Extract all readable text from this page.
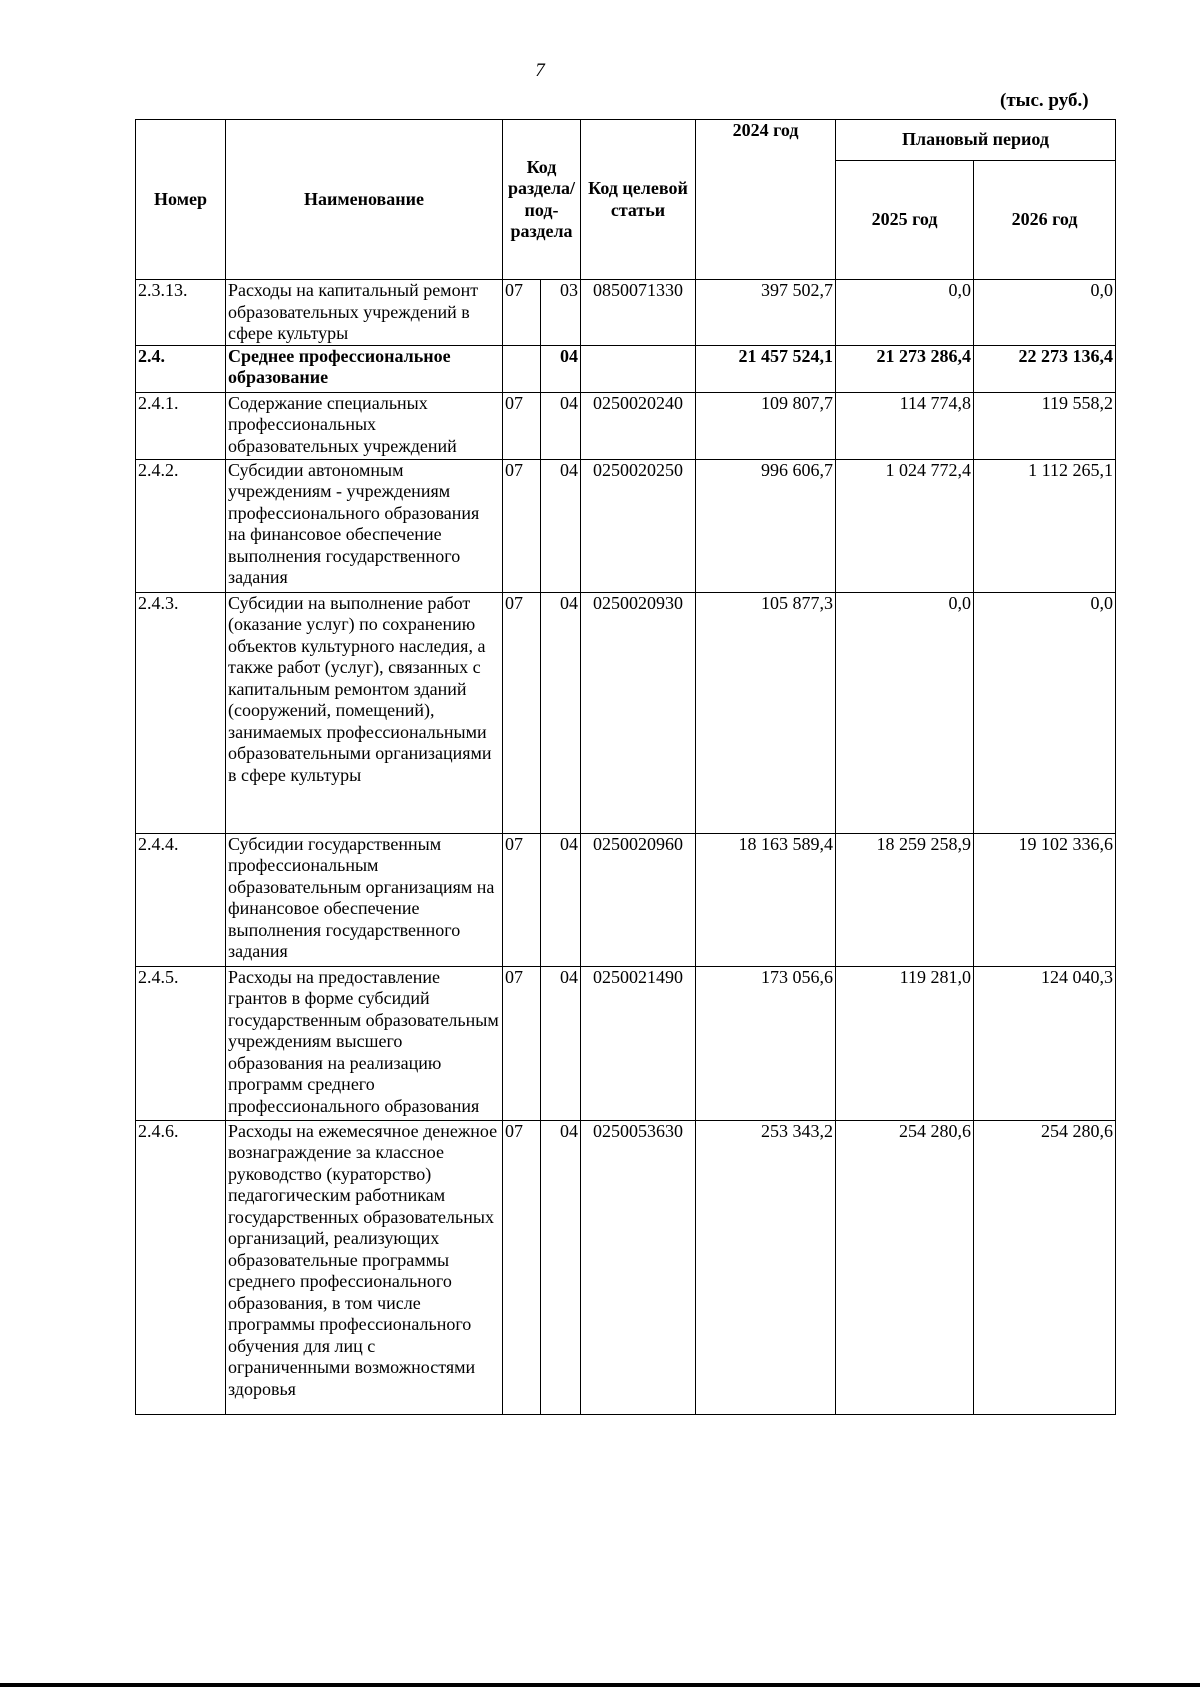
7
(тыс. руб.)
Номер	Наименование	Код раздела/ под- раздела		Код целевой статьи	2024 год	Плановый период	
						2025 год	2026 год
2.3.13.	Расходы на капитальный ремонт образовательных учреждений в сфере культуры	07	03	0850071330	397 502,7	0,0	0,0
2.4.	Среднее профессиональное образование		04		21 457 524,1	21 273 286,4	22 273 136,4
2.4.1.	Содержание специальных профессиональных образовательных учреждений	07	04	0250020240	109 807,7	114 774,8	119 558,2
2.4.2.	Субсидии автономным учреждениям - учреждениям профессионального образования на финансовое обеспечение выполнения государственного задания	07	04	0250020250	996 606,7	1 024 772,4	1 112 265,1
2.4.3.	Субсидии на выполнение работ (оказание услуг) по сохранению объектов культурного наследия, а также работ (услуг), связанных с капитальным ремонтом зданий (сооружений, помещений), занимаемых профессиональными образовательными организациями в сфере культуры	07	04	0250020930	105 877,3	0,0	0,0
2.4.4.	Субсидии государственным профессиональным образовательным организациям на финансовое обеспечение выполнения государственного задания	07	04	0250020960	18 163 589,4	18 259 258,9	19 102 336,6
2.4.5.	Расходы на предоставление грантов в форме субсидий государственным образовательным учреждениям высшего образования на реализацию программ среднего профессионального образования	07	04	0250021490	173 056,6	119 281,0	124 040,3
2.4.6.	Расходы на ежемесячное денежное вознаграждение за классное руководство (кураторство) педагогическим работникам государственных образовательных организаций, реализующих образовательные программы среднего профессионального образования, в том числе программы профессионального обучения для лиц с ограниченными возможностями здоровья	07	04	0250053630	253 343,2	254 280,6	254 280,6
